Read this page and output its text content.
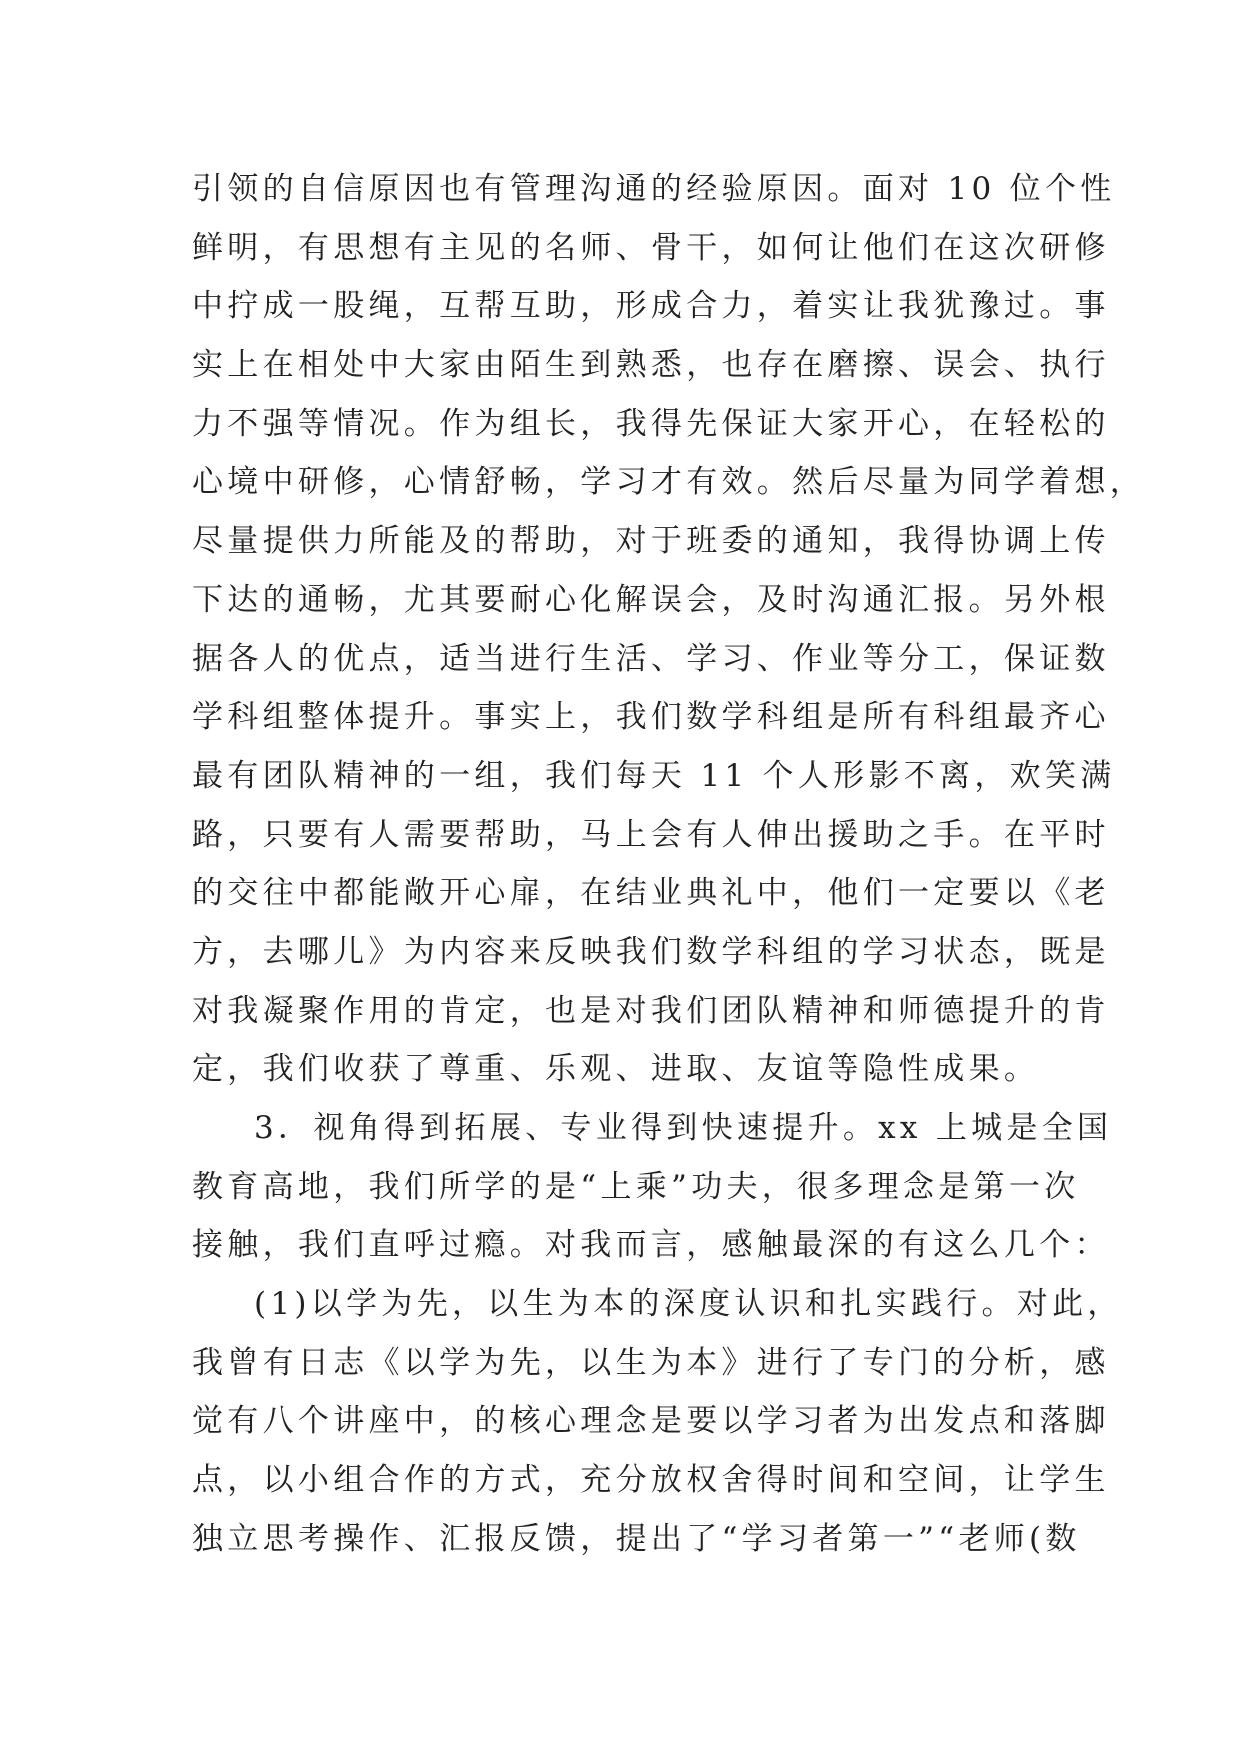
引领的自信原因也有管理沟通的经验原因。面对 10 位个性
鲜明，有思想有主见的名师、骨干，如何让他们在这次研修
中拧成一股绳，互帮互助，形成合力，着实让我犹豫过。事
实上在相处中大家由陌生到熟悉，也存在磨擦、误会、执行
力不强等情况。作为组长，我得先保证大家开心，在轻松的
心境中研修，心情舒畅，学习才有效。然后尽量为同学着想，
尽量提供力所能及的帮助，对于班委的通知，我得协调上传
下达的通畅，尤其要耐心化解误会，及时沟通汇报。另外根
据各人的优点，适当进行生活、学习、作业等分工，保证数
学科组整体提升。事实上，我们数学科组是所有科组最齐心
最有团队精神的一组，我们每天 11 个人形影不离，欢笑满
路，只要有人需要帮助，马上会有人伸出援助之手。在平时
的交往中都能敞开心扉，在结业典礼中，他们一定要以《老
方，去哪儿》为内容来反映我们数学科组的学习状态，既是
对我凝聚作用的肯定，也是对我们团队精神和师德提升的肯
定，我们收获了尊重、乐观、进取、友谊等隐性成果。
3．视角得到拓展、专业得到快速提升。xx 上城是全国
教育高地，我们所学的是“上乘”功夫，很多理念是第一次
接触，我们直呼过瘾。对我而言，感触最深的有这么几个：
(1)以学为先，以生为本的深度认识和扎实践行。对此，
我曾有日志《以学为先，以生为本》进行了专门的分析，感
觉有八个讲座中，的核心理念是要以学习者为出发点和落脚
点，以小组合作的方式，充分放权舍得时间和空间，让学生
独立思考操作、汇报反馈，提出了“学习者第一”“老师(数
